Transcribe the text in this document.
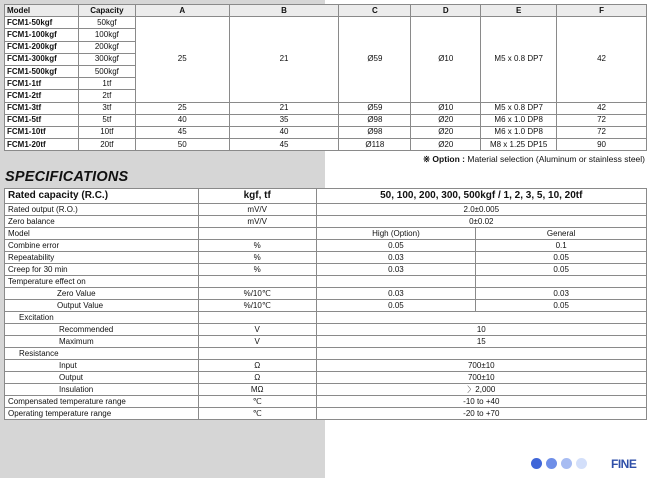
Model	Capacity	A	B	C	D	E	F
FCM1-50kgf	50kgf	25	21	Ø59	Ø10	M5 x 0.8 DP7	42
FCM1-100kgf	100kgf						
FCM1-200kgf	200kgf						
FCM1-300kgf	300kgf						
FCM1-500kgf	500kgf						
FCM1-1tf	1tf						
FCM1-2tf	2tf						
FCM1-3tf	3tf	25	21	Ø59	Ø10	M5 x 0.8 DP7	42
FCM1-5tf	5tf	40	35	Ø98	Ø20	M6 x 1.0 DP8	72
FCM1-10tf	10tf	45	40	Ø98	Ø20	M6 x 1.0 DP8	72
FCM1-20tf	20tf	50	45	Ø118	Ø20	M8 x 1.25 DP15	90
※ Option : Material selection (Aluminum or stainless steel)
SPECIFICATIONS
Rated capacity (R.C.)	kgf, tf	50, 100, 200, 300, 500kgf / 1, 2, 3, 5, 10, 20tf	
Rated output (R.O.)	mV/V	2.0±0.005	
Zero balance	mV/V	0±0.02	
Model		High (Option)	General
Combine error	%	0.05	0.1
Repeatability	%	0.03	0.05
Creep for 30 min	%	0.03	0.05
Temperature effect on			
Zero Value	%/10℃	0.03	0.03
Output Value	%/10℃	0.05	0.05
Excitation			
Recommended	V	10	
Maximum	V	15	
Resistance			
Input	Ω	700±10	
Output	Ω	700±10	
Insulation	MΩ	〉2,000	
Compensated temperature range	℃	-10 to +40	
Operating temperature range	℃	-20 to +70	
FINE
